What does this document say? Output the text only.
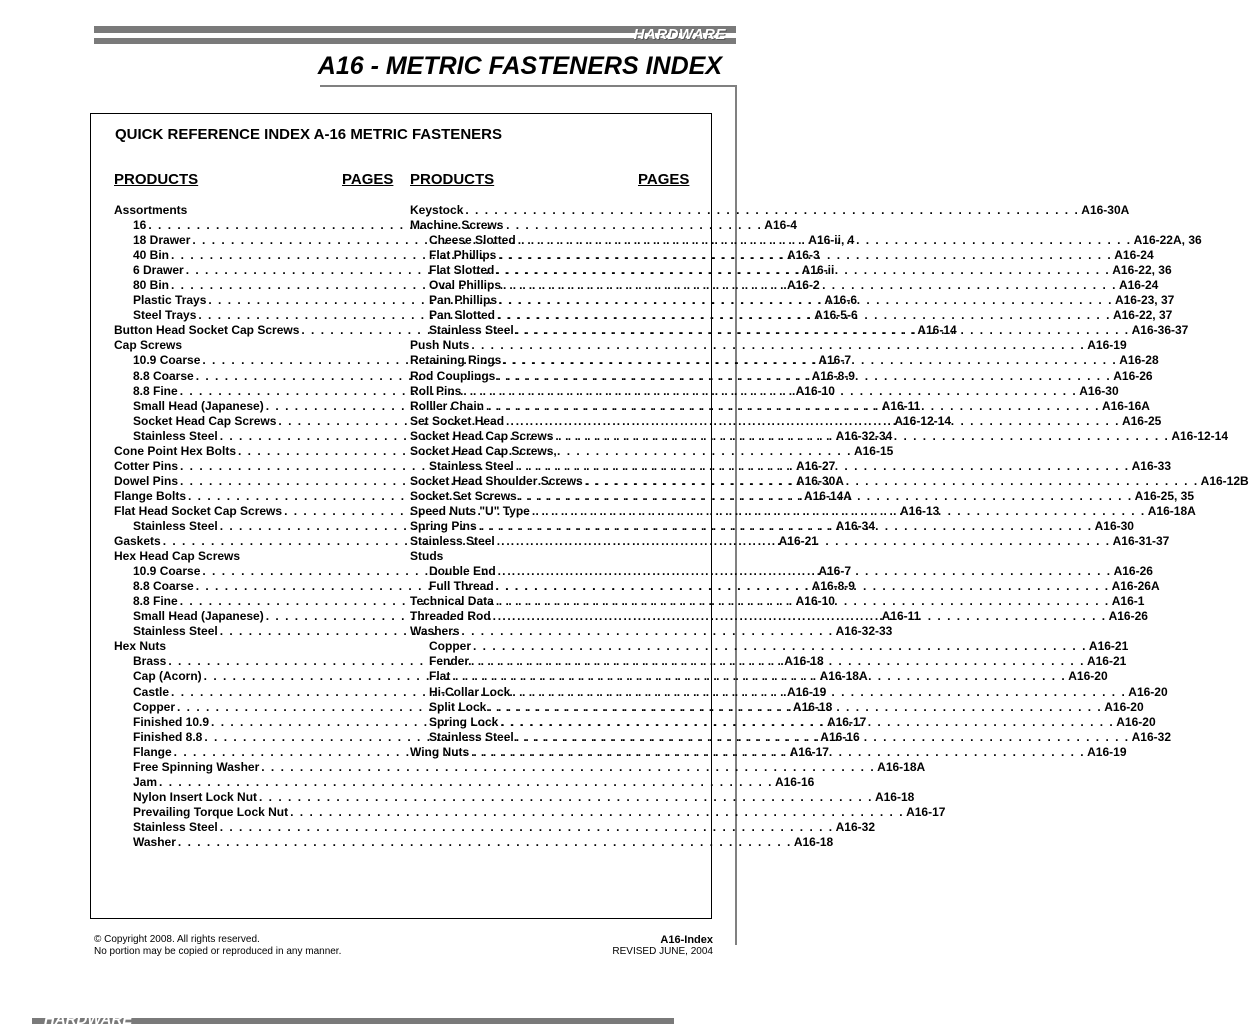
HARDWARE
A16 - METRIC FASTENERS INDEX
QUICK REFERENCE INDEX A-16 METRIC FASTENERS
PRODUCTS	PAGES PRODUCTS	PAGES
Assortments
16 . . .	A16-4
18 Drawer . . .	A16-ii, 4
40 Bin . . .	A16-3
6 Drawer . . .	A16-ii
80 Bin . . .	A16-2
Plastic Trays . . .	A16-6
Steel Trays . . .	A16-5-6
Button Head Socket Cap Screws . . .	A16-14
Cap Screws
10.9 Coarse . . .	A16-7
8.8 Coarse . . .	A16-8-9
8.8 Fine . . .	A16-10
Small Head (Japanese) . . .	A16-11
Socket Head Cap Screws . . .	A16-12-14
Stainless Steel . . .	A16-32-34
Cone Point Hex Bolts . . .	A16-15
Cotter Pins . . .	A16-27
Dowel Pins . . .	A16-30A
Flange Bolts . . .	A16-14A
Flat Head Socket Cap Screws . . .	A16-13
Stainless Steel . . .	A16-34
Gaskets . . .	A16-21
Hex Head Cap Screws
10.9 Coarse . . .	A16-7
8.8 Coarse . . .	A16-8-9
8.8 Fine . . .	A16-10
Small Head (Japanese) . . .	A16-11
Stainless Steel . . .	A16-32-33
Hex Nuts
Brass . . .	A16-18
Cap (Acorn) . . .	A16-18A
Castle . . .	A16-19
Copper . . .	A16-18
Finished 10.9 . . .	A16-17
Finished 8.8 . . .	A16-16
Flange . . .	A16-17
Free Spinning Washer . . .	A16-18A
Jam . . .	A16-16
Nylon Insert Lock Nut . . .	A16-18
Prevailing Torque Lock Nut . . .	A16-17
Stainless Steel . . .	A16-32
Washer . . .	A16-18
Keystock . . .	A16-30A
Machine Screws
Cheese Slotted . . .	A16-22A, 36
Flat Phillips . . .	A16-24
Flat Slotted . . .	A16-22, 36
Oval Phillips . . .	A16-24
Pan Phillips . . .	A16-23, 37
Pan Slotted . . .	A16-22, 37
Stainless Steel . . .	A16-36-37
Push Nuts . . .	A16-19
Retaining Rings . . .	A16-28
Rod Couplings . . .	A16-26
Roll Pins . . .	A16-30
Rolller Chain . . .	A16-16A
Set Socket Head . . .	A16-25
Socket Head Cap Screws . . .	A16-12-14
Socket Head Cap Screws,
Stainless Steel . . .	A16-33
Socket Head Shoulder Screws . . .	A16-12B
Socket Set Screws . . .	A16-25, 35
Speed Nuts "U" Type . . .	A16-18A
Spring Pins . . .	A16-30
Stainless Steel . . .	A16-31-37
Studs
Double End . . .	A16-26
Full Thread . . .	A16-26A
Technical Data . . .	A16-1
Threaded Rod . . .	A16-26
Washers
Copper . . .	A16-21
Fender . . .	A16-21
Flat . . .	A16-20
Hi-Collar Lock . . .	A16-20
Split Lock . . .	A16-20
Spring Lock . . .	A16-20
Stainless Steel . . .	A16-32
Wing Nuts . . .	A16-19
© Copyright 2008. All rights reserved.
No portion may be copied or reproduced in any manner.
A16-Index
REVISED JUNE, 2004
HARDWARE
